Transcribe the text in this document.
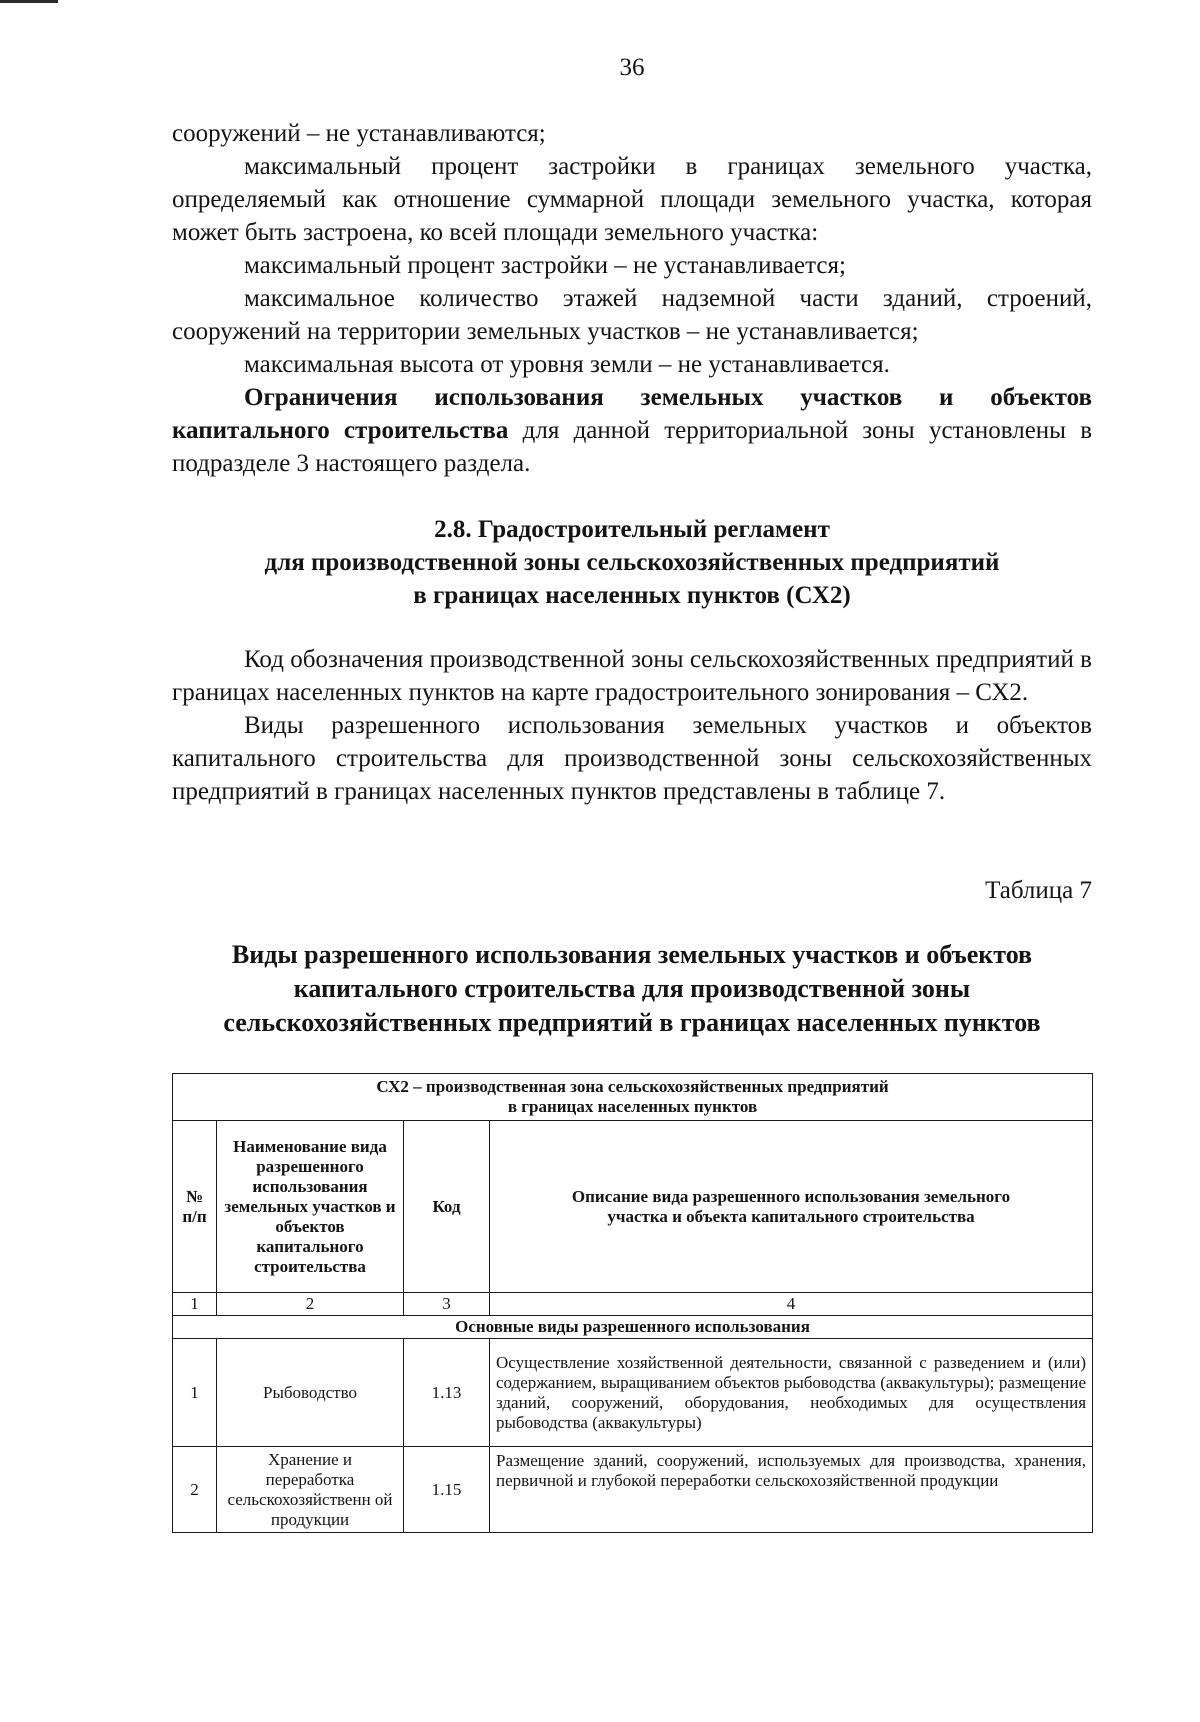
36

сооружений – не устанавливаются;

максимальный процент застройки в границах земельного участка, определяемый как отношение суммарной площади земельного участка, которая может быть застроена, ко всей площади земельного участка:

максимальный процент застройки – не устанавливается;

максимальное количество этажей надземной части зданий, строений, сооружений на территории земельных участков – не устанавливается;

максимальная высота от уровня земли – не устанавливается.

Ограничения использования земельных участков и объектов капитального строительства для данной территориальной зоны установлены в подразделе 3 настоящего раздела.

2.8. Градостроительный регламент
для производственной зоны сельскохозяйственных предприятий
в границах населенных пунктов (СХ2)

Код обозначения производственной зоны сельскохозяйственных предприятий в границах населенных пунктов на карте градостроительного зонирования – СХ2.

Виды разрешенного использования земельных участков и объектов капитального строительства для производственной зоны сельскохозяйственных предприятий в границах населенных пунктов представлены в таблице 7.

Таблица 7
Виды разрешенного использования земельных участков и объектов
капитального строительства для производственной зоны
сельскохозяйственных предприятий в границах населенных пунктов
СХ2 – производственная зона сельскохозяйственных предприятий
в границах населенных пунктов			

№ п/п	Наименование вида разрешенного использования земельных участков и объектов капитального строительства	Код	Описание вида разрешенного использования земельного участка и объекта капитального строительства
1	2	3	4
Основные виды разрешенного использования			
1	Рыбоводство	1.13	Осуществление хозяйственной деятельности, связанной с разведением и (или) содержанием, выращиванием объектов рыбоводства (аквакультуры); размещение зданий, сооружений, оборудования, необходимых для осуществления рыбоводства (аквакультуры)
2	Хранение и переработка сельскохозяйственн ой продукции	1.15	Размещение зданий, сооружений, используемых для производства, хранения, первичной и глубокой переработки сельскохозяйственной продукции
